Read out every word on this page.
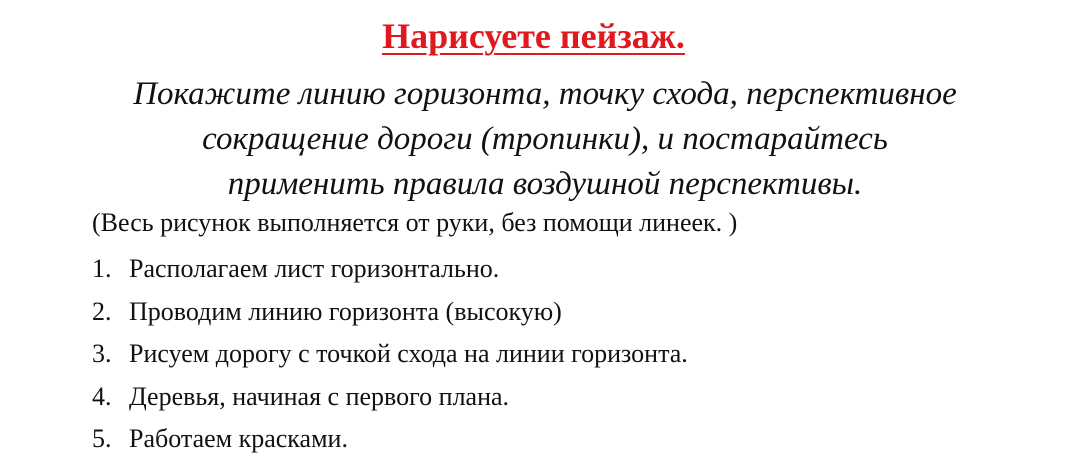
Нарисуете пейзаж.
Покажите линию горизонта, точку схода, перспективное
сокращение дороги (тропинки), и постарайтесь
применить правила воздушной перспективы.
(Весь рисунок выполняется от руки, без помощи линеек. )
1. Располагаем лист горизонтально.
2. Проводим линию горизонта (высокую)
3. Рисуем дорогу с точкой схода на линии горизонта.
4. Деревья, начиная с первого плана.
5. Работаем красками.
